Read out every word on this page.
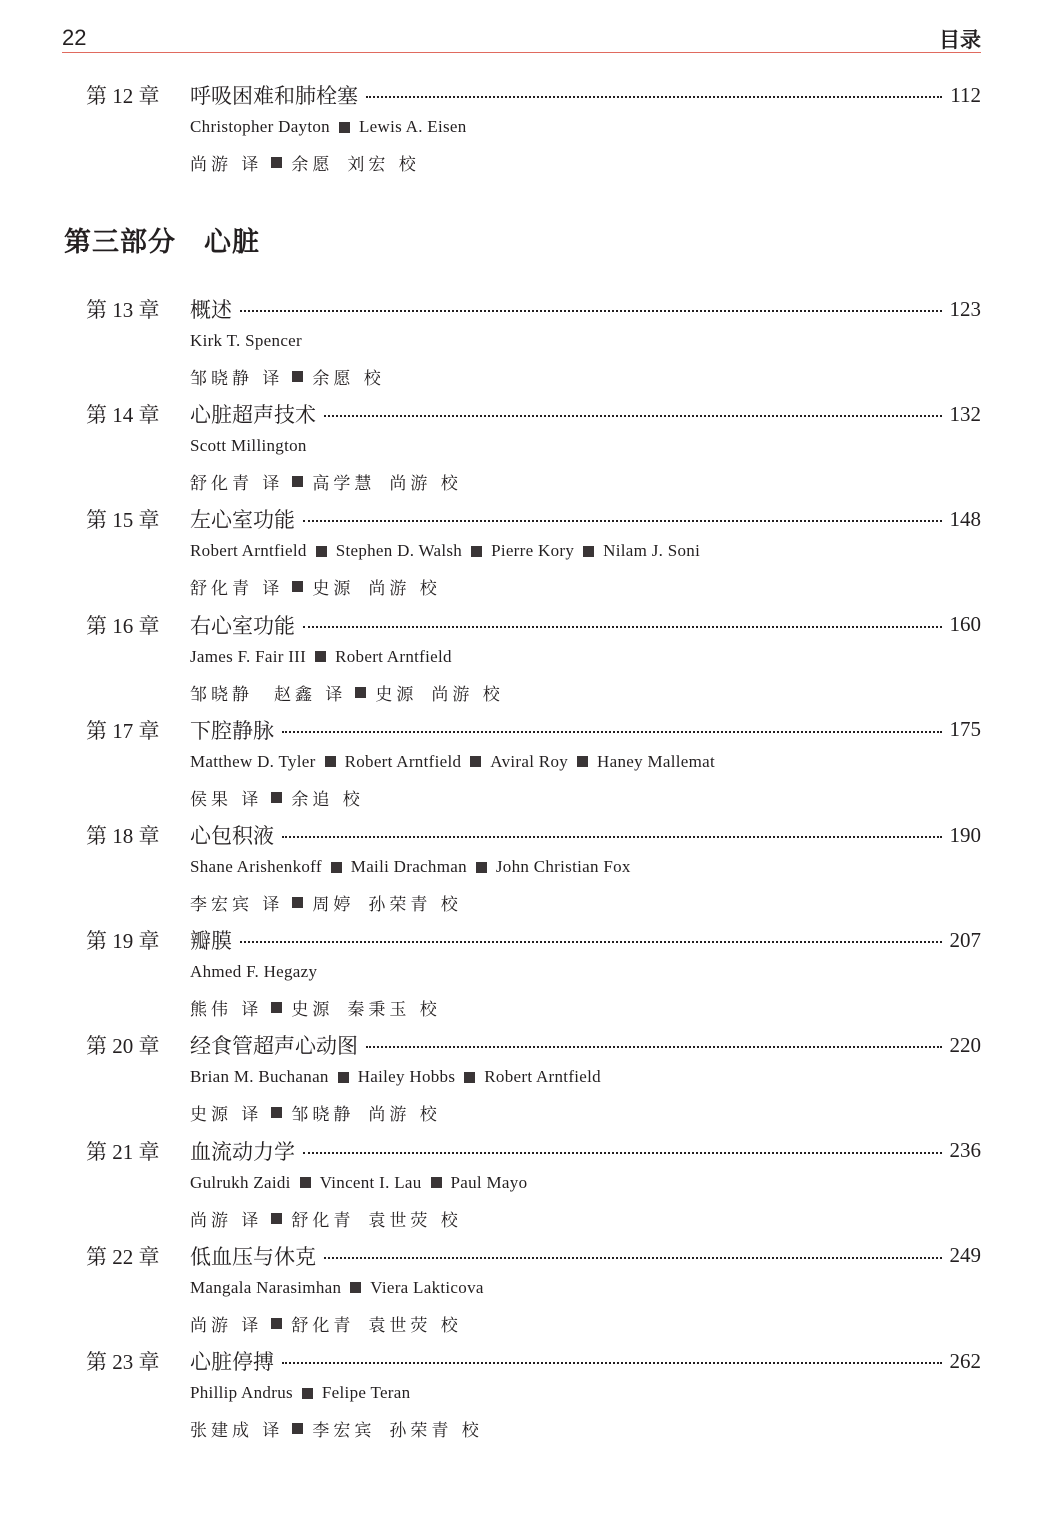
22	目录
第三部分　心脏
第 12 章	呼吸困难和肺栓塞	112
Christopher Dayton Lewis A. Eisen
尚游 译 余愿 刘宏 校
第 13 章	概述	123
Kirk T. Spencer
邹晓静 译 余愿 校
第 14 章	心脏超声技术	132
Scott Millington
舒化青 译 高学慧 尚游 校
第 15 章	左心室功能	148
Robert Arntfield Stephen D. Walsh Pierre Kory Nilam J. Soni
舒化青 译 史源 尚游 校
第 16 章	右心室功能	160
James F. Fair III Robert Arntfield
邹晓静　赵鑫 译 史源 尚游 校
第 17 章	下腔静脉	175
Matthew D. Tyler Robert Arntfield Aviral Roy Haney Mallemat
侯果 译 余追 校
第 18 章	心包积液	190
Shane Arishenkoff Maili Drachman John Christian Fox
李宏宾 译 周婷 孙荣青 校
第 19 章	瓣膜	207
Ahmed F. Hegazy
熊伟 译 史源 秦秉玉 校
第 20 章	经食管超声心动图	220
Brian M. Buchanan Hailey Hobbs Robert Arntfield
史源 译 邹晓静 尚游 校
第 21 章	血流动力学	236
Gulrukh Zaidi Vincent I. Lau Paul Mayo
尚游 译 舒化青 袁世荧 校
第 22 章	低血压与休克	249
Mangala Narasimhan Viera Lakticova
尚游 译 舒化青 袁世荧 校
第 23 章	心脏停搏	262
Phillip Andrus Felipe Teran
张建成 译 李宏宾 孙荣青 校
